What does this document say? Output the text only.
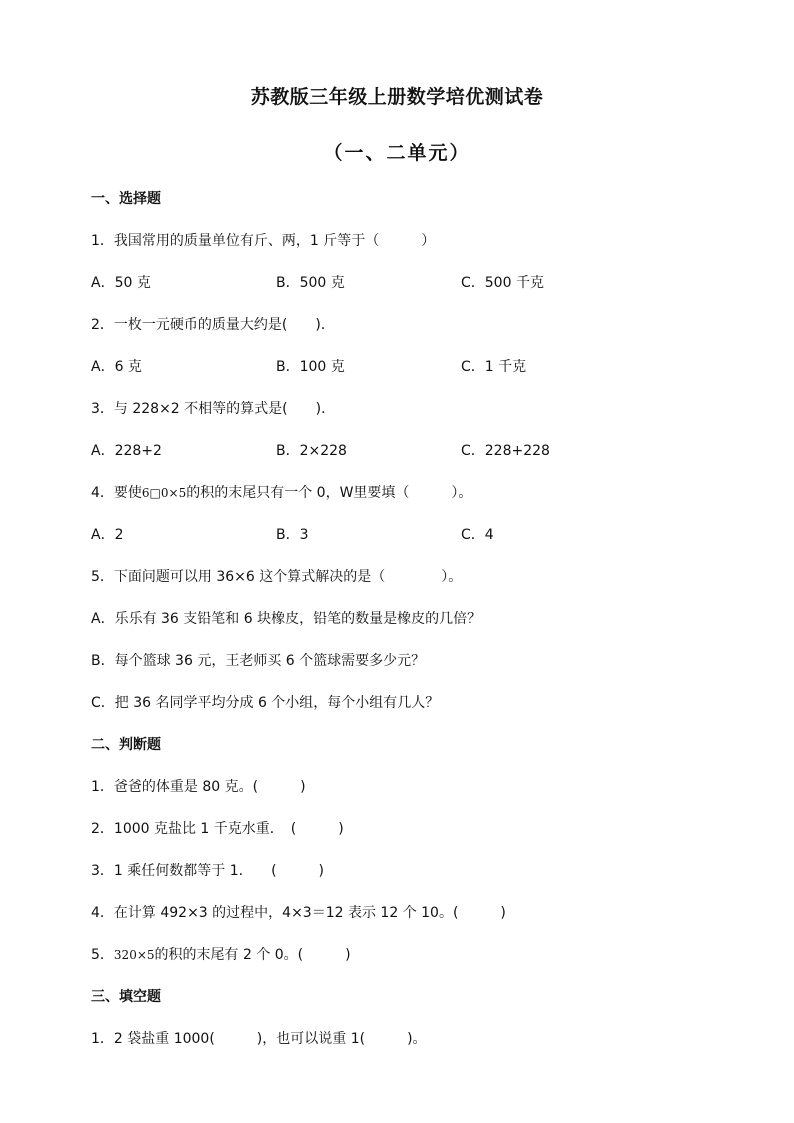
苏教版三年级上册数学培优测试卷
（一、二单元）
一、选择题
1．我国常用的质量单位有斤、两，1 斤等于（　　　）
A．50 克	B．500 克	C．500 千克
2．一枚一元硬币的质量大约是(　　)．
A．6 克	B．100 克	C．1 千克
3．与 228×2 不相等的算式是(　　)．
A．228+2	B．2×228	C．228+228
4．要使6□0×5的积的末尾只有一个 0，W里要填（　　　）。
A．2	B．3	C．4
5．下面问题可以用 36×6 这个算式解决的是（　　　　）。
A．乐乐有 36 支铅笔和 6 块橡皮，铅笔的数量是橡皮的几倍？
B．每个篮球 36 元，王老师买 6 个篮球需要多少元？
C．把 36 名同学平均分成 6 个小组，每个小组有几人？
二、判断题
1．爸爸的体重是 80 克。(　　　)
2．1000 克盐比 1 千克水重．　(　　　)
3．1 乘任何数都等于 1.　　(　　　)
4．在计算 492×3 的过程中，4×3＝12 表示 12 个 10。(　　　)
5．320×5的积的末尾有 2 个 0。(　　　)
三、填空题
1．2 袋盐重 1000(　　　)，也可以说重 1(　　　)。
